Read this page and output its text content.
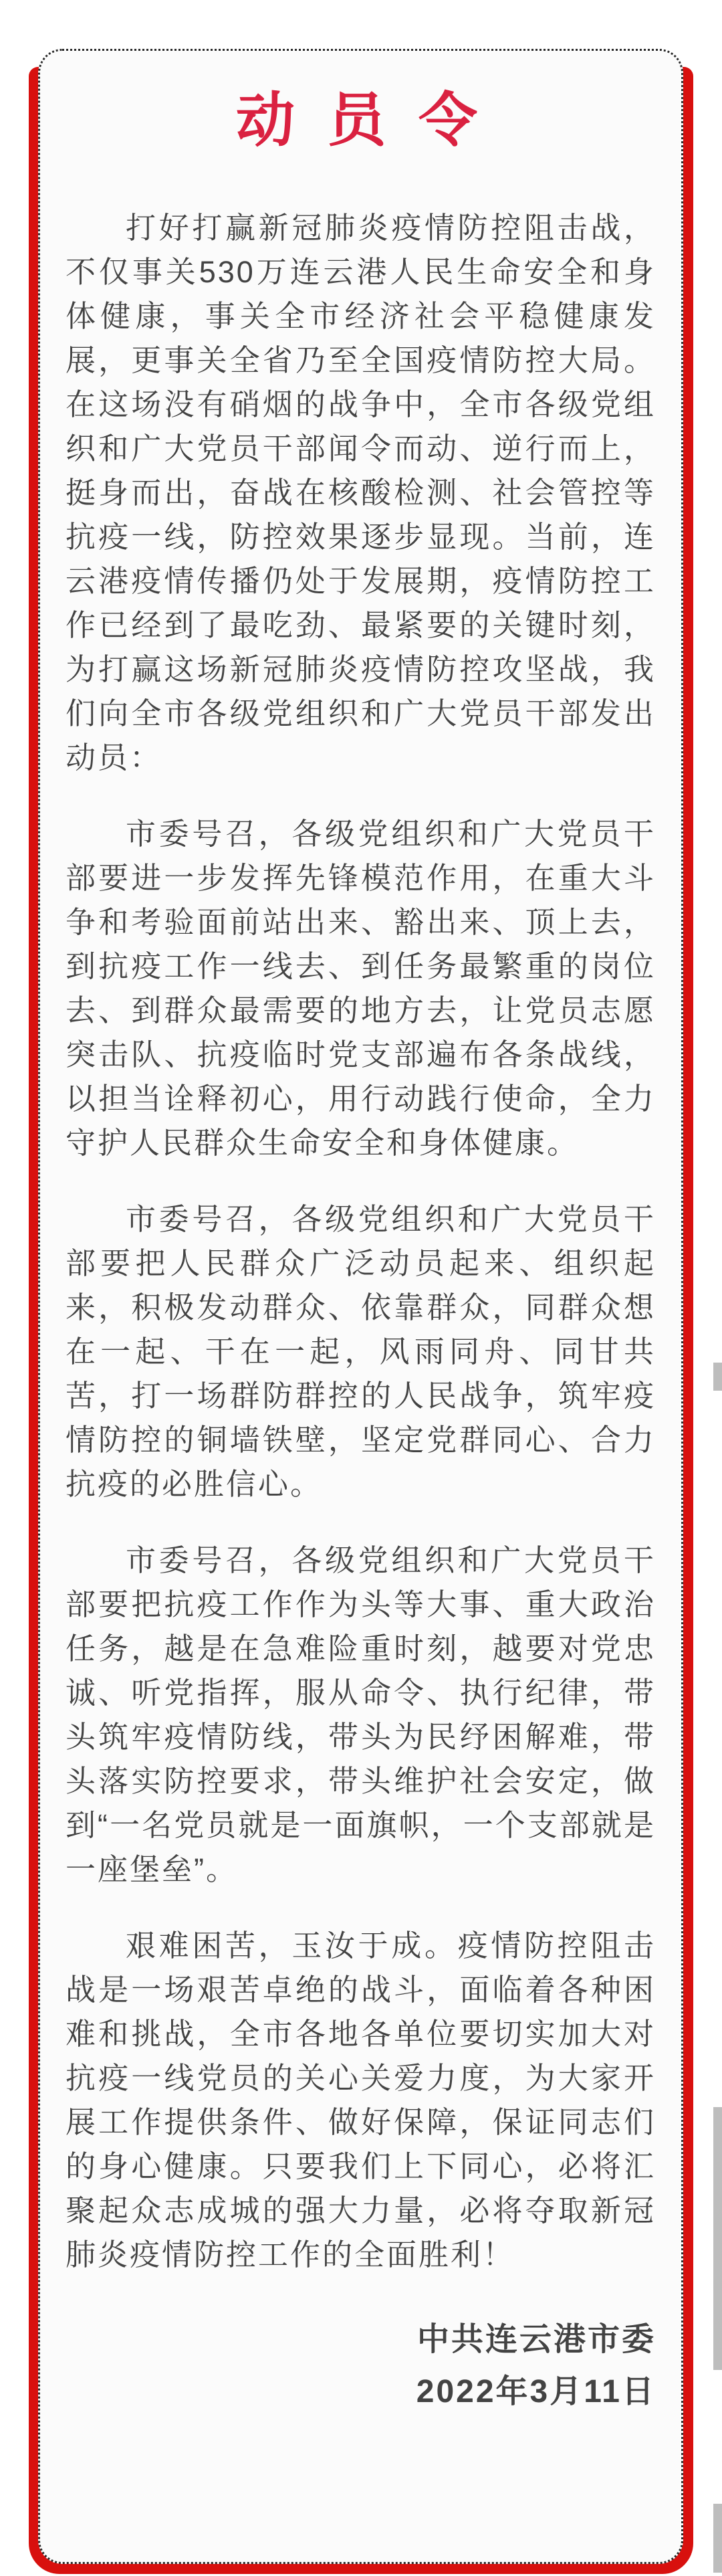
动 员 令

打好打赢新冠肺炎疫情防控阻击战，不仅事关530万连云港人民生命安全和身体健康，事关全市经济社会平稳健康发展，更事关全省乃至全国疫情防控大局。在这场没有硝烟的战争中，全市各级党组织和广大党员干部闻令而动、逆行而上，挺身而出，奋战在核酸检测、社会管控等抗疫一线，防控效果逐步显现。当前，连云港疫情传播仍处于发展期，疫情防控工作已经到了最吃劲、最紧要的关键时刻，为打赢这场新冠肺炎疫情防控攻坚战，我们向全市各级党组织和广大党员干部发出动员：

市委号召，各级党组织和广大党员干部要进一步发挥先锋模范作用，在重大斗争和考验面前站出来、豁出来、顶上去，到抗疫工作一线去、到任务最繁重的岗位去、到群众最需要的地方去，让党员志愿突击队、抗疫临时党支部遍布各条战线，以担当诠释初心，用行动践行使命，全力守护人民群众生命安全和身体健康。

市委号召，各级党组织和广大党员干部要把人民群众广泛动员起来、组织起来，积极发动群众、依靠群众，同群众想在一起、干在一起，风雨同舟、同甘共苦，打一场群防群控的人民战争，筑牢疫情防控的铜墙铁壁，坚定党群同心、合力抗疫的必胜信心。

市委号召，各级党组织和广大党员干部要把抗疫工作作为头等大事、重大政治任务，越是在急难险重时刻，越要对党忠诚、听党指挥，服从命令、执行纪律，带头筑牢疫情防线，带头为民纾困解难，带头落实防控要求，带头维护社会安定，做到“一名党员就是一面旗帜，一个支部就是一座堡垒”。

艰难困苦，玉汝于成。疫情防控阻击战是一场艰苦卓绝的战斗，面临着各种困难和挑战，全市各地各单位要切实加大对抗疫一线党员的关心关爱力度，为大家开展工作提供条件、做好保障，保证同志们的身心健康。只要我们上下同心，必将汇聚起众志成城的强大力量，必将夺取新冠肺炎疫情防控工作的全面胜利！

中共连云港市委
2022年3月11日
